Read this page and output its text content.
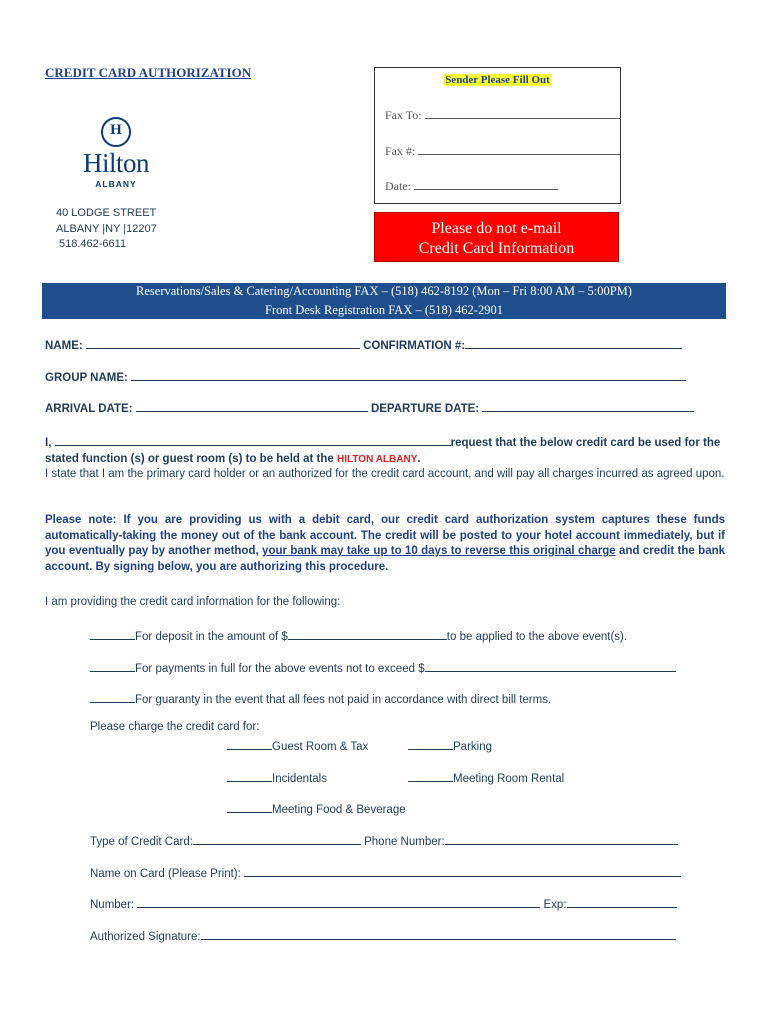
CREDIT CARD AUTHORIZATION
H
Hilton
ALBANY
40 LODGE STREET
ALBANY |NY |12207
518.462-6611
Sender Please Fill Out
Fax To:
Fax #:
Date:
Please do not e-mail
Credit Card Information
Reservations/Sales & Catering/Accounting FAX – (518) 462-8192 (Mon – Fri 8:00 AM – 5:00PM)
Front Desk Registration FAX – (518) 462-2901
NAME:	CONFIRMATION #:
GROUP NAME:
ARRIVAL DATE:	DEPARTURE DATE:
I,	request that the below credit card be used for the
stated function (s) or guest room (s) to be held at the HILTON ALBANY.
I state that I am the primary card holder or an authorized for the credit card account, and will pay all charges incurred as agreed upon.
Please note: If you are providing us with a debit card, our credit card authorization system captures these funds automatically-taking the money out of the bank account. The credit will be posted to your hotel account immediately, but if you eventually pay by another method, your bank may take up to 10 days to reverse this original charge and credit the bank account. By signing below, you are authorizing this procedure.
I am providing the credit card information for the following:
For deposit in the amount of $	to be applied to the above event(s).
For payments in full for the above events not to exceed $
For guaranty in the event that all fees not paid in accordance with direct bill terms.
Please charge the credit card for:
Guest Room & Tax	Parking
Incidentals	Meeting Room Rental
Meeting Food & Beverage
Type of Credit Card:	Phone Number:
Name on Card (Please Print):
Number:	Exp:
Authorized Signature:
